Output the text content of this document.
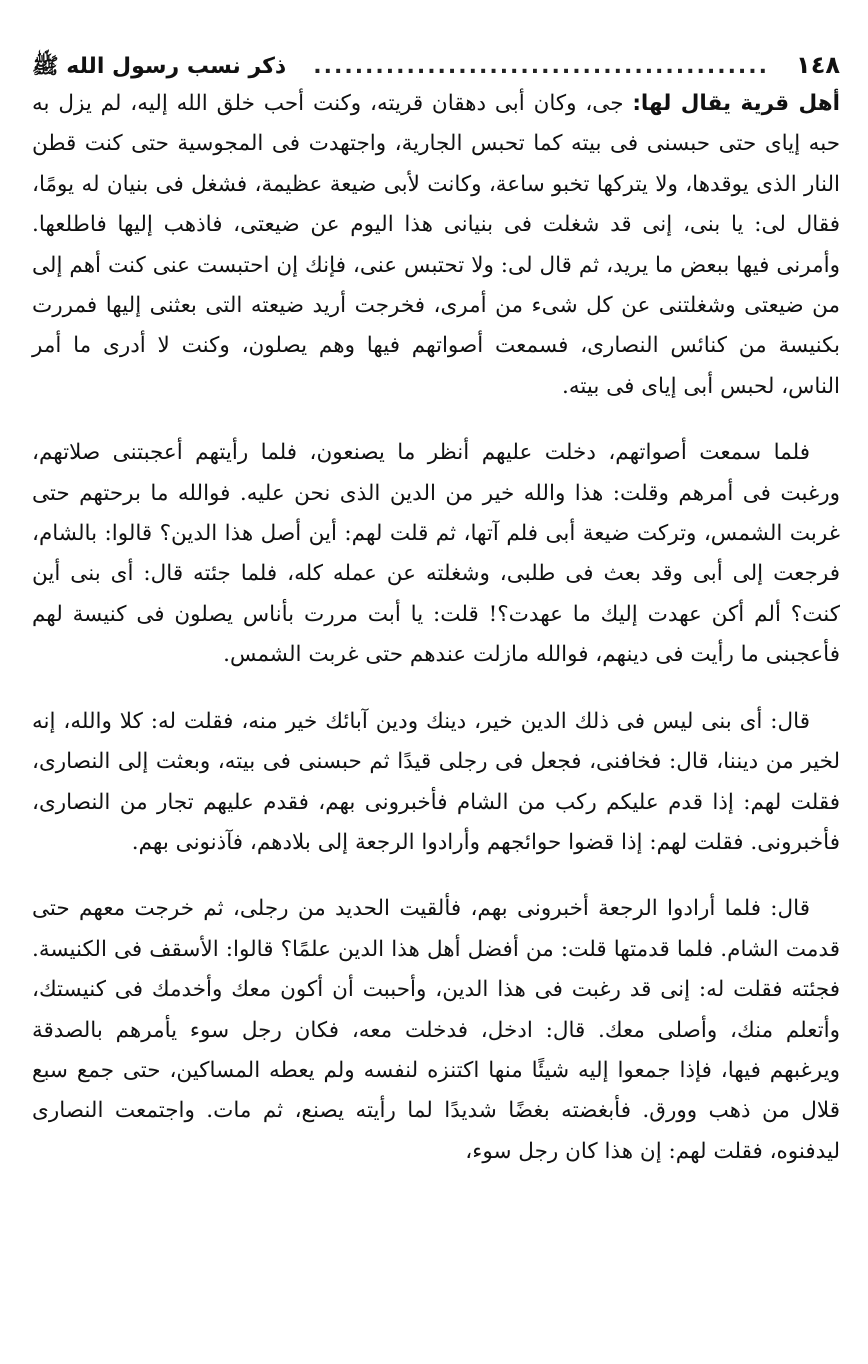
١٤٨
............................................
ذكر نسب رسول الله ﷺ

أهل قرية يقال لها: جى، وكان أبى دهقان قريته، وكنت أحب خلق الله إليه، لم يزل به حبه إياى حتى حبسنى فى بيته كما تحبس الجارية، واجتهدت فى المجوسية حتى كنت قطن النار الذى يوقدها، ولا يتركها تخبو ساعة، وكانت لأبى ضيعة عظيمة، فشغل فى بنيان له يومًا، فقال لى: يا بنى، إنى قد شغلت فى بنيانى هذا اليوم عن ضيعتى، فاذهب إليها فاطلعها. وأمرنى فيها ببعض ما يريد، ثم قال لى: ولا تحتبس عنى، فإنك إن احتبست عنى كنت أهم إلى من ضيعتى وشغلتنى عن كل شىء من أمرى، فخرجت أريد ضيعته التى بعثنى إليها فمررت بكنيسة من كنائس النصارى، فسمعت أصواتهم فيها وهم يصلون، وكنت لا أدرى ما أمر الناس، لحبس أبى إياى فى بيته.

فلما سمعت أصواتهم، دخلت عليهم أنظر ما يصنعون، فلما رأيتهم أعجبتنى صلاتهم، ورغبت فى أمرهم وقلت: هذا والله خير من الدين الذى نحن عليه. فوالله ما برحتهم حتى غربت الشمس، وتركت ضيعة أبى فلم آتها، ثم قلت لهم: أين أصل هذا الدين؟ قالوا: بالشام، فرجعت إلى أبى وقد بعث فى طلبى، وشغلته عن عمله كله، فلما جئته قال: أى بنى أين كنت؟ ألم أكن عهدت إليك ما عهدت؟! قلت: يا أبت مررت بأناس يصلون فى كنيسة لهم فأعجبنى ما رأيت فى دينهم، فوالله مازلت عندهم حتى غربت الشمس.

قال: أى بنى ليس فى ذلك الدين خير، دينك ودين آبائك خير منه، فقلت له: كلا والله، إنه لخير من ديننا، قال: فخافنى، فجعل فى رجلى قيدًا ثم حبسنى فى بيته، وبعثت إلى النصارى، فقلت لهم: إذا قدم عليكم ركب من الشام فأخبرونى بهم، فقدم عليهم تجار من النصارى، فأخبرونى. فقلت لهم: إذا قضوا حوائجهم وأرادوا الرجعة إلى بلادهم، فآذنونى بهم.

قال: فلما أرادوا الرجعة أخبرونى بهم، فألقيت الحديد من رجلى، ثم خرجت معهم حتى قدمت الشام. فلما قدمتها قلت: من أفضل أهل هذا الدين علمًا؟ قالوا: الأسقف فى الكنيسة. فجئته فقلت له: إنى قد رغبت فى هذا الدين، وأحببت أن أكون معك وأخدمك فى كنيستك، وأتعلم منك، وأصلى معك. قال: ادخل، فدخلت معه، فكان رجل سوء يأمرهم بالصدقة ويرغبهم فيها، فإذا جمعوا إليه شيئًا منها اكتنزه لنفسه ولم يعطه المساكين، حتى جمع سبع قلال من ذهب وورق. فأبغضته بغضًا شديدًا لما رأيته يصنع، ثم مات. واجتمعت النصارى ليدفنوه، فقلت لهم: إن هذا كان رجل سوء،
